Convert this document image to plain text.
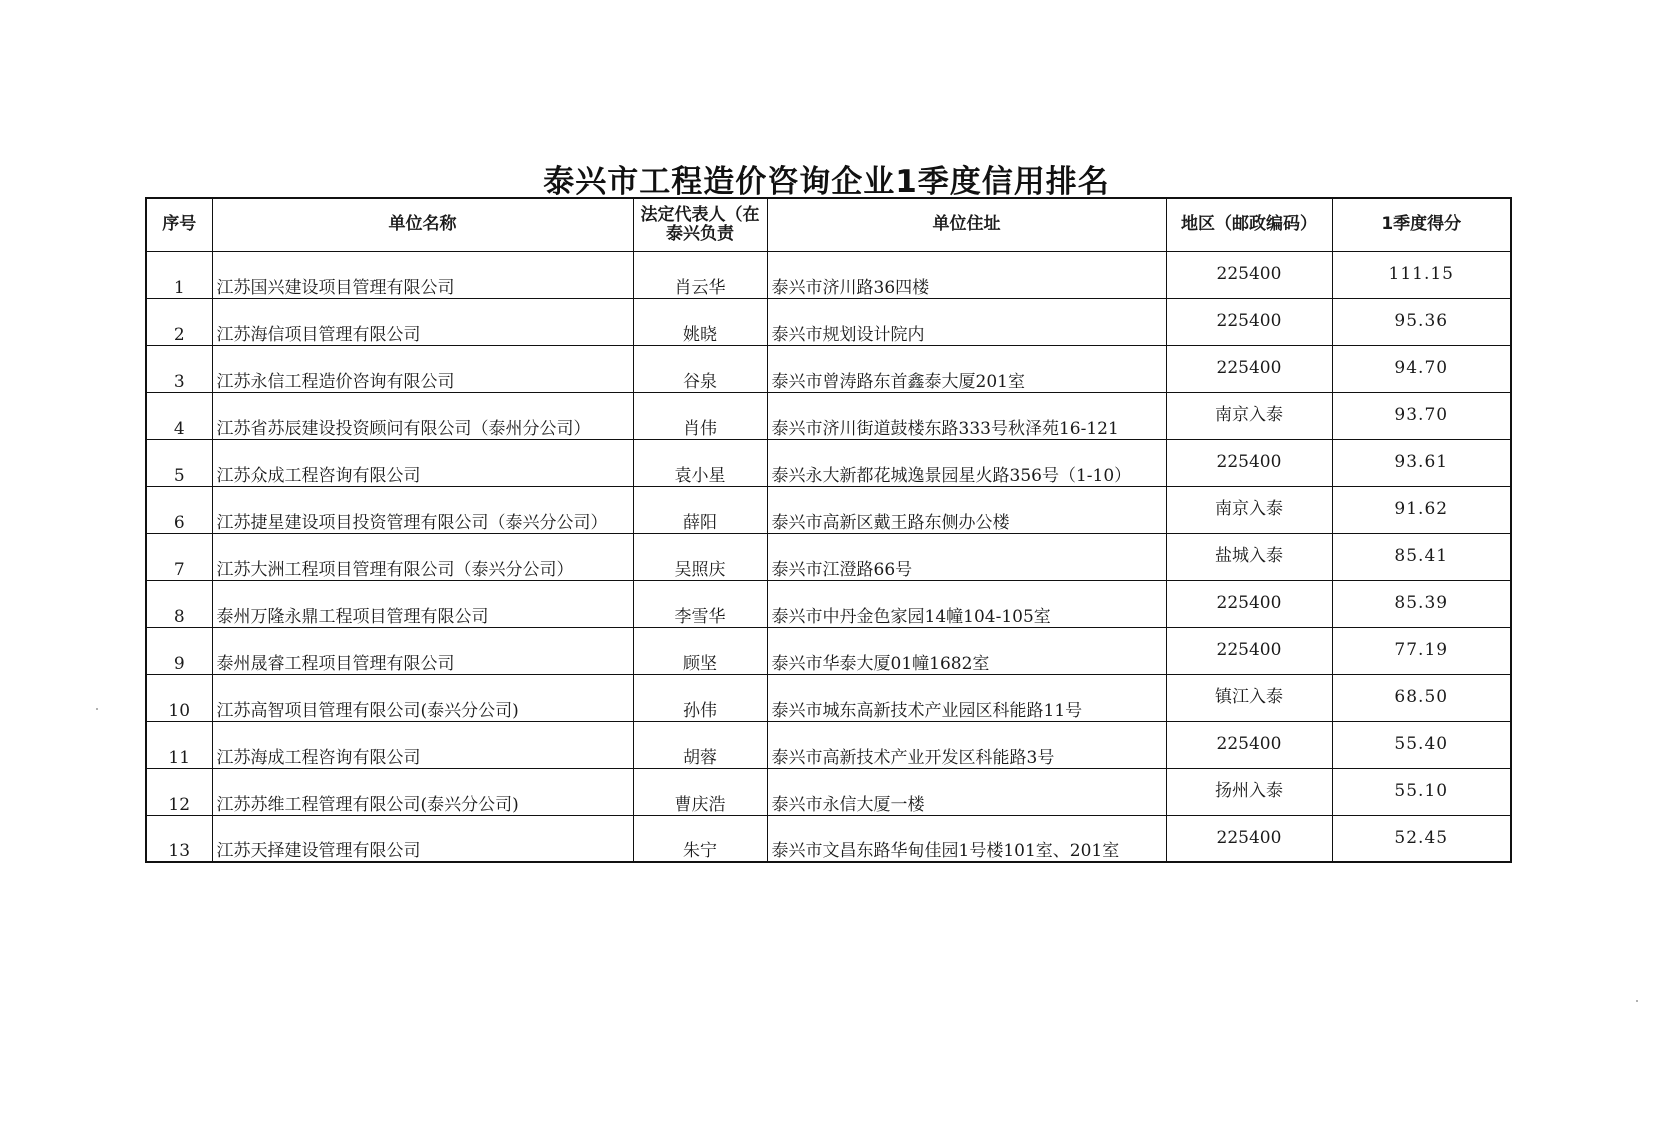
泰兴市工程造价咨询企业1季度信用排名
序号	单位名称	法定代表人（在泰兴负责	单位住址	地区（邮政编码）	1季度得分
1	江苏国兴建设项目管理有限公司	肖云华	泰兴市济川路36四楼	225400	111.15
2	江苏海信项目管理有限公司	姚晓	泰兴市规划设计院内	225400	95.36
3	江苏永信工程造价咨询有限公司	谷泉	泰兴市曾涛路东首鑫泰大厦201室	225400	94.70
4	江苏省苏辰建设投资顾问有限公司（泰州分公司）	肖伟	泰兴市济川街道鼓楼东路333号秋泽苑16-121	南京入泰	93.70
5	江苏众成工程咨询有限公司	袁小星	泰兴永大新都花城逸景园星火路356号（1-10）	225400	93.61
6	江苏捷星建设项目投资管理有限公司（泰兴分公司）	薛阳	泰兴市高新区戴王路东侧办公楼	南京入泰	91.62
7	江苏大洲工程项目管理有限公司（泰兴分公司）	吴照庆	泰兴市江澄路66号	盐城入泰	85.41
8	泰州万隆永鼎工程项目管理有限公司	李雪华	泰兴市中丹金色家园14幢104-105室	225400	85.39
9	泰州晟睿工程项目管理有限公司	顾坚	泰兴市华泰大厦01幢1682室	225400	77.19
10	江苏高智项目管理有限公司(泰兴分公司)	孙伟	泰兴市城东高新技术产业园区科能路11号	镇江入泰	68.50
11	江苏海成工程咨询有限公司	胡蓉	泰兴市高新技术产业开发区科能路3号	225400	55.40
12	江苏苏维工程管理有限公司(泰兴分公司)	曹庆浩	泰兴市永信大厦一楼	扬州入泰	55.10
13	江苏天择建设管理有限公司	朱宁	泰兴市文昌东路华甸佳园1号楼101室、201室	225400	52.45
